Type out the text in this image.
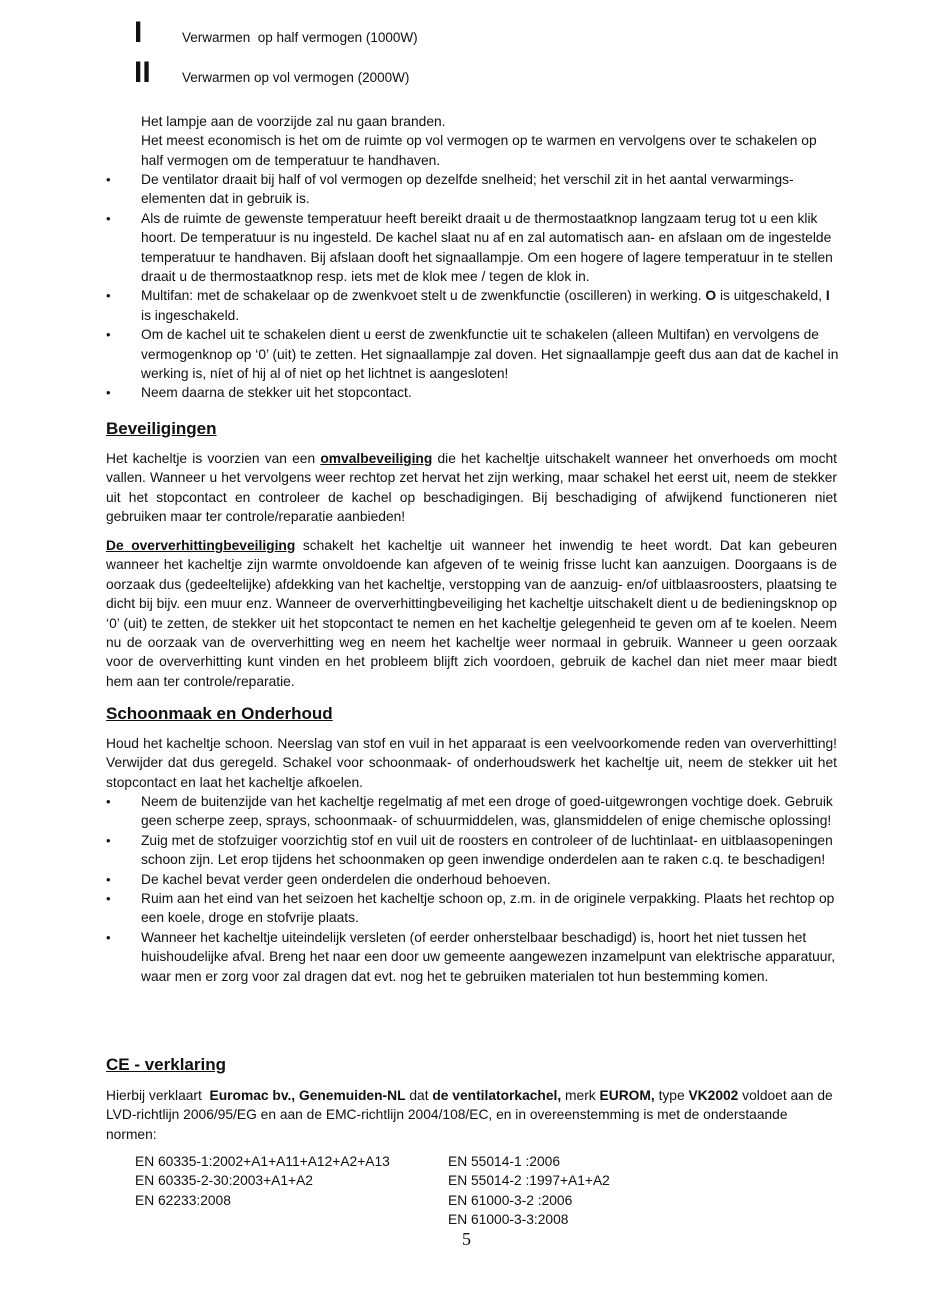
I	Verwarmen  op half vermogen (1000W)
II Verwarmen op vol vermogen (2000W)
Het lampje aan de voorzijde zal nu gaan branden.
Het meest economisch is het om de ruimte op vol vermogen op te warmen en vervolgens over te schakelen op half vermogen om de temperatuur te handhaven.
• De ventilator draait bij half of vol vermogen op dezelfde snelheid; het verschil zit in het aantal verwarmings-elementen dat in gebruik is.
• Als de ruimte de gewenste temperatuur heeft bereikt draait u de thermostaatknop langzaam terug tot u een klik hoort. De temperatuur is nu ingesteld. De kachel slaat nu af en zal automatisch aan- en afslaan om de ingestelde temperatuur te handhaven. Bij afslaan dooft het signaallampje. Om een hogere of lagere temperatuur in te stellen draait u de thermostaatknop resp. iets met de klok mee / tegen de klok in.
• Multifan: met de schakelaar op de zwenkvoet stelt u de zwenkfunctie (oscilleren) in werking. O is uitgeschakeld, I is ingeschakeld.
• Om de kachel uit te schakelen dient u eerst de zwenkfunctie uit te schakelen (alleen Multifan) en vervolgens de vermogenknop op ‘0’ (uit) te zetten. Het signaallampje zal doven. Het signaallampje geeft dus aan dat de kachel in werking is, níet of hij al of niet op het lichtnet is aangesloten!
• Neem daarna de stekker uit het stopcontact.
Beveiligingen

Het kacheltje is voorzien van een omvalbeveiliging die het kacheltje uitschakelt wanneer het onverhoeds om mocht vallen. Wanneer u het vervolgens weer rechtop zet hervat het zijn werking, maar schakel het eerst uit, neem de stekker uit het stopcontact en controleer de kachel op beschadigingen. Bij beschadiging of afwijkend functioneren niet gebruiken maar ter controle/reparatie aanbieden!

De oververhittingbeveiliging schakelt het kacheltje uit wanneer het inwendig te heet wordt. Dat kan gebeuren wanneer het kacheltje zijn warmte onvoldoende kan afgeven of te weinig frisse lucht kan aanzuigen. Doorgaans is de oorzaak dus (gedeeltelijke) afdekking van het kacheltje, verstopping van de aanzuig- en/of uitblaasroosters, plaatsing te dicht bij bijv. een muur enz. Wanneer de oververhittingbeveiliging het kacheltje uitschakelt dient u de bedieningsknop op ‘0’ (uit) te zetten, de stekker uit het stopcontact te nemen en het kacheltje gelegenheid te geven om af te koelen. Neem nu de oorzaak van de oververhitting weg en neem het kacheltje weer normaal in gebruik. Wanneer u geen oorzaak voor de oververhitting kunt vinden en het probleem blijft zich voordoen, gebruik de kachel dan niet meer maar biedt hem aan ter controle/reparatie.

Schoonmaak en Onderhoud

Houd het kacheltje schoon. Neerslag van stof en vuil in het apparaat is een veelvoorkomende reden van oververhitting! Verwijder dat dus geregeld. Schakel voor schoonmaak- of onderhoudswerk het kacheltje uit, neem de stekker uit het stopcontact en laat het kacheltje afkoelen.

• Neem de buitenzijde van het kacheltje regelmatig af met een droge of goed-uitgewrongen vochtige doek. Gebruik geen scherpe zeep, sprays, schoonmaak- of schuurmiddelen, was, glansmiddelen of enige chemische oplossing!
• Zuig met de stofzuiger voorzichtig stof en vuil uit de roosters en controleer of de luchtinlaat- en uitblaasopeningen schoon zijn. Let erop tijdens het schoonmaken op geen inwendige onderdelen aan te raken c.q. te beschadigen!
• De kachel bevat verder geen onderdelen die onderhoud behoeven.
• Ruim aan het eind van het seizoen het kacheltje schoon op, z.m. in de originele verpakking. Plaats het rechtop op een koele, droge en stofvrije plaats.
• Wanneer het kacheltje uiteindelijk versleten (of eerder onherstelbaar beschadigd) is, hoort het niet tussen het huishoudelijke afval. Breng het naar een door uw gemeente aangewezen inzamelpunt van elektrische apparatuur, waar men er zorg voor zal dragen dat evt. nog het te gebruiken materialen tot hun bestemming komen.
CE - verklaring

Hierbij verklaart  Euromac bv., Genemuiden-NL dat de ventilatorkachel, merk EUROM, type VK2002 voldoet aan de LVD-richtlijn 2006/95/EG en aan de EMC-richtlijn 2004/108/EC, en in overeenstemming is met de onderstaande normen:

EN 60335-1:2002+A1+A11+A12+A2+A13
EN 60335-2-30:2003+A1+A2
EN 62233:2008
EN 55014-1 :2006
EN 55014-2 :1997+A1+A2
EN 61000-3-2 :2006
EN 61000-3-3:2008
5
